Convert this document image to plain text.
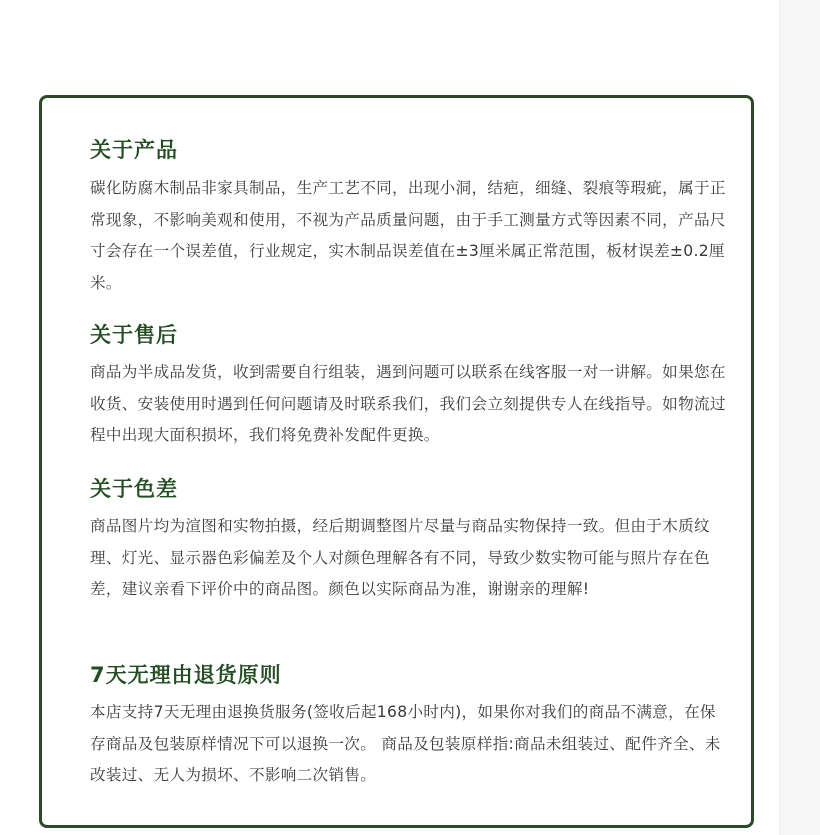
关于产品

碳化防腐木制品非家具制品，生产工艺不同，出现小洞，结疤，细缝、裂痕等瑕疵，属于正常现象，不影响美观和使用，不视为产品质量问题，由于手工测量方式等因素不同，产品尺寸会存在一个误差值，行业规定，实木制品误差值在±3厘米属正常范围，板材误差±0.2厘米。

关于售后

商品为半成品发货，收到需要自行组装，遇到问题可以联系在线客服一对一讲解。如果您在收货、安装使用时遇到任何问题请及时联系我们，我们会立刻提供专人在线指导。如物流过程中出现大面积损坏，我们将免费补发配件更换。

关于色差

商品图片均为渲图和实物拍摄，经后期调整图片尽量与商品实物保持一致。但由于木质纹理、灯光、显示器色彩偏差及个人对颜色理解各有不同，导致少数实物可能与照片存在色差，建议亲看下评价中的商品图。颜色以实际商品为准，谢谢亲的理解!

7天无理由退货原则

本店支持7天无理由退换货服务(签收后起168小时内)，如果你对我们的商品不满意，在保存商品及包装原样情况下可以退换一次。 商品及包装原样指:商品未组装过、配件齐全、未改装过、无人为损坏、不影响二次销售。
